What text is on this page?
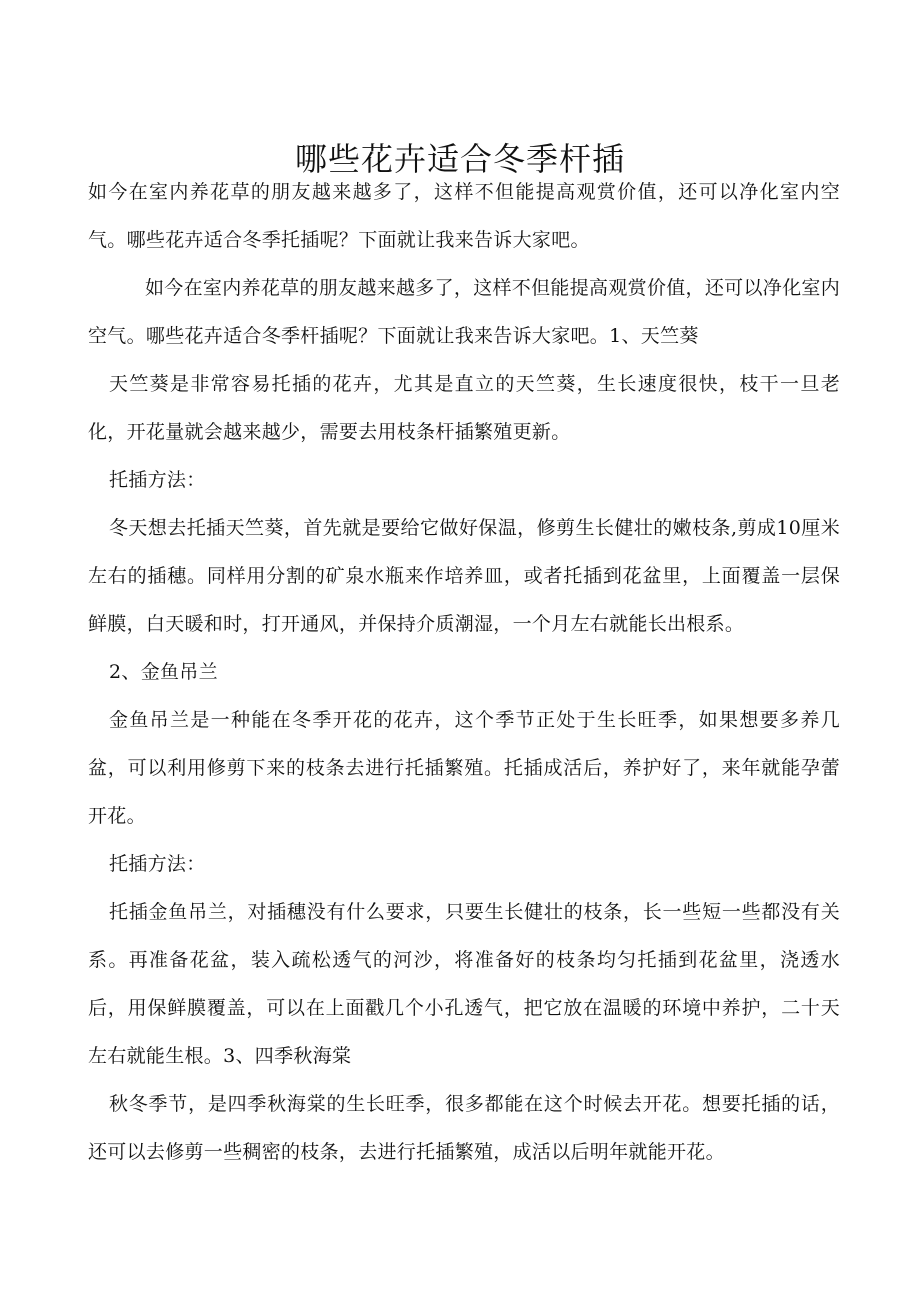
哪些花卉适合冬季杆插

如今在室内养花草的朋友越来越多了，这样不但能提高观赏价值，还可以净化室内空气。哪些花卉适合冬季托插呢？下面就让我来告诉大家吧。

如今在室内养花草的朋友越来越多了，这样不但能提高观赏价值，还可以净化室内空气。哪些花卉适合冬季杆插呢？下面就让我来告诉大家吧。1、天竺葵

天竺葵是非常容易托插的花卉，尤其是直立的天竺葵，生长速度很快，枝干一旦老化，开花量就会越来越少，需要去用枝条杆插繁殖更新。

托插方法：

冬天想去托插天竺葵，首先就是要给它做好保温，修剪生长健壮的嫩枝条,剪成10厘米左右的插穗。同样用分割的矿泉水瓶来作培养皿，或者托插到花盆里，上面覆盖一层保鲜膜，白天暖和时，打开通风，并保持介质潮湿，一个月左右就能长出根系。

2、金鱼吊兰

金鱼吊兰是一种能在冬季开花的花卉，这个季节正处于生长旺季，如果想要多养几盆，可以利用修剪下来的枝条去进行托插繁殖。托插成活后，养护好了，来年就能孕蕾开花。

托插方法：

托插金鱼吊兰，对插穗没有什么要求，只要生长健壮的枝条，长一些短一些都没有关系。再准备花盆，装入疏松透气的河沙，将准备好的枝条均匀托插到花盆里，浇透水后，用保鲜膜覆盖，可以在上面戳几个小孔透气，把它放在温暖的环境中养护，二十天左右就能生根。3、四季秋海棠

秋冬季节，是四季秋海棠的生长旺季，很多都能在这个时候去开花。想要托插的话，还可以去修剪一些稠密的枝条，去进行托插繁殖，成活以后明年就能开花。
